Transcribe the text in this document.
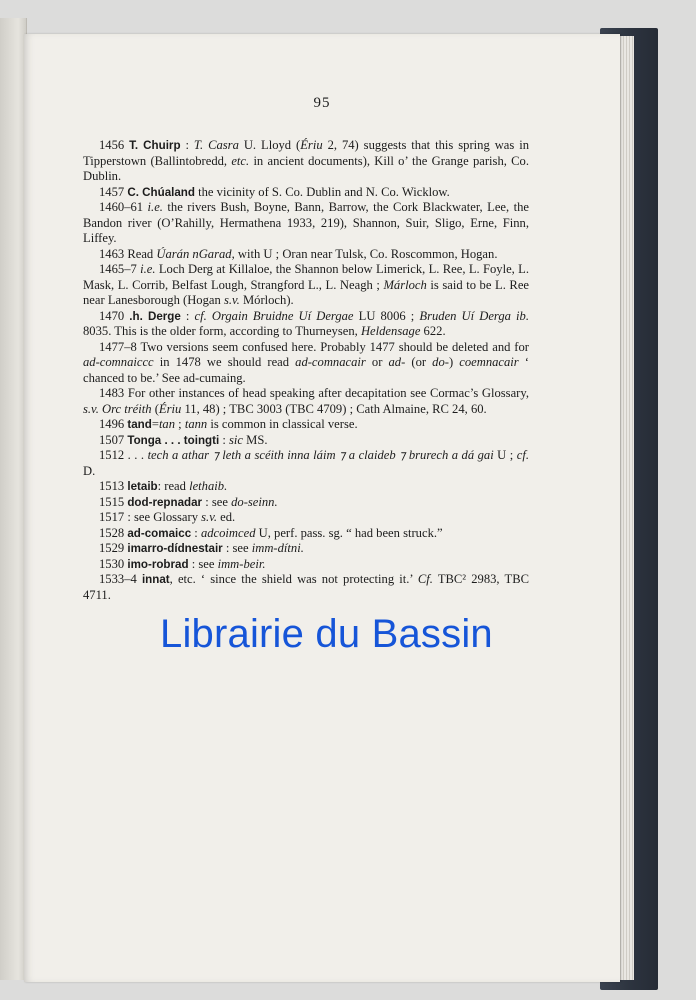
95

1456 T. Chuirp : T. Casra U. Lloyd (Ériu 2, 74) suggests that this spring was in Tipperstown (Ballintobredd, etc. in ancient documents), Kill o’ the Grange parish, Co. Dublin.

1457 C. Chúaland the vicinity of S. Co. Dublin and N. Co. Wicklow.

1460–61 i.e. the rivers Bush, Boyne, Bann, Barrow, the Cork Blackwater, Lee, the Bandon river (O’Rahilly, Hermathena 1933, 219), Shannon, Suir, Sligo, Erne, Finn, Liffey.

1463 Read Úarán nGarad, with U ; Oran near Tulsk, Co. Roscommon, Hogan.

1465–7 i.e. Loch Derg at Killaloe, the Shannon below Limerick, L. Ree, L. Foyle, L. Mask, L. Corrib, Belfast Lough, Strangford L., L. Neagh ; Márloch is said to be L. Ree near Lanesborough (Hogan s.v. Mórloch).

1470 .h. Derge : cf. Orgain Bruidne Uí Dergae LU 8006 ; Bruden Uí Derga ib. 8035. This is the older form, according to Thurneysen, Heldensage 622.

1477–8 Two versions seem confused here. Probably 1477 should be deleted and for ad-comnaiccc in 1478 we should read ad-comnacair or ad- (or do-) coemnacair ‘ chanced to be.’ See ad-cumaing.

1483 For other instances of head speaking after decapitation see Cormac’s Glossary, s.v. Orc tréith (Ériu 11, 48) ; TBC 3003 (TBC 4709) ; Cath Almaine, RC 24, 60.

1496 tand=tan ; tann is common in classical verse.

1507 Tonga . . . toingti : sic MS.

1512 . . . tech a athar ⁊ leth a scéith inna láim ⁊ a claideb ⁊ brurech a dá gai U ; cf. D.

1513 letaib: read lethaib.

1515 dod-repnadar : see do-seinn.

1517 : see Glossary s.v. ed.

1528 ad-comaicc : adcoimced U, perf. pass. sg. “ had been struck.”

1529 imarro-dídnestair : see imm-dítni.

1530 imo-robrad : see imm-beir.

1533–4 innat, etc. ‘ since the shield was not protecting it.’ Cf. TBC² 2983, TBC 4711.

Librairie du Bassin
